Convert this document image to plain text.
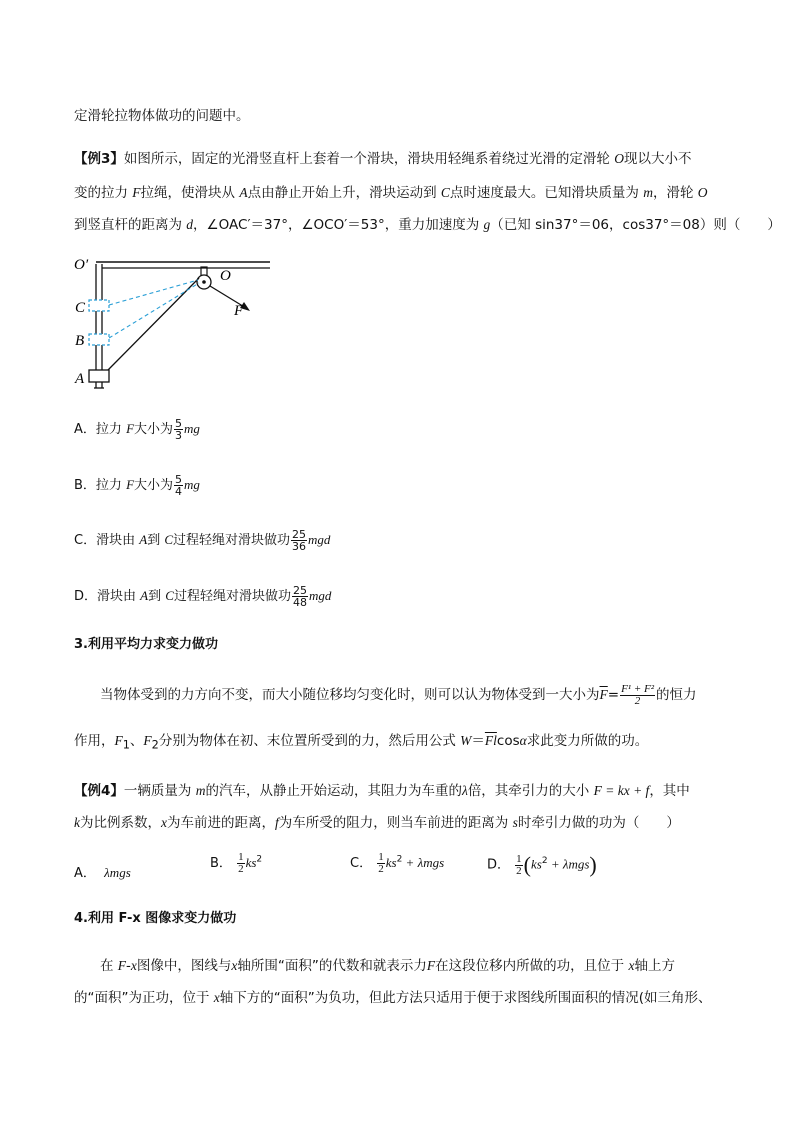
定滑轮拉物体做功的问题中。
【例3】如图所示，固定的光滑竖直杆上套着一个滑块，滑块用轻绳系着绕过光滑的定滑轮 O现以大小不
变的拉力 F拉绳，使滑块从 A点由静止开始上升，滑块运动到 C点时速度最大。已知滑块质量为 m，滑轮 O
到竖直杆的距离为 d，∠OAC′＝37°，∠OCO′＝53°，重力加速度为 g（已知 sin37°＝06，cos37°＝08）则（　　）
O′
O
C
B
A
F
A．拉力 F大小为 $\frac{5}{3}$ mg
B．拉力 F大小为 $\frac{5}{4}$ mg
C．滑块由 A到 C过程轻绳对滑块做功 $\frac{25}{36}$ mgd
D．滑块由 A到 C过程轻绳对滑块做功 $\frac{25}{48}$ mgd
3.利用平均力求变力做功
当物体受到的力方向不变，而大小随位移均匀变化时，则可以认为物体受到一大小为$\overline{F}= \frac{\text{F¹ + F²}}{2}$ 的恒力
作用，$F_1$、$F_2$分别为物体在初、末位置所受到的力，然后用公式 $W=\overline{Fl}\cos\alpha$求此变力所做的功。
【例4】一辆质量为 m的汽车，从静止开始运动，其阻力为车重的λ倍，其牵引力的大小 F = kx + f，其中
k为比例系数，x为车前进的距离，f为车所受的阻力，则当车前进的距离为 s时牵引力做的功为（　　）
A． λmgs
B． $\frac{1}{2} ks^2$	C． $\frac{1}{2} ks^2 + \lambda mgs$	D． $\frac{1}{2} (ks^2 + \lambda mgs)$
4.利用 F-x 图像求变力做功
在 F-x图像中，图线与x轴所围“面积”的代数和就表示力F在这段位移内所做的功，且位于 x轴上方
的“面积”为正功，位于 x轴下方的“面积”为负功，但此方法只适用于便于求图线所围面积的情况(如三角形、
